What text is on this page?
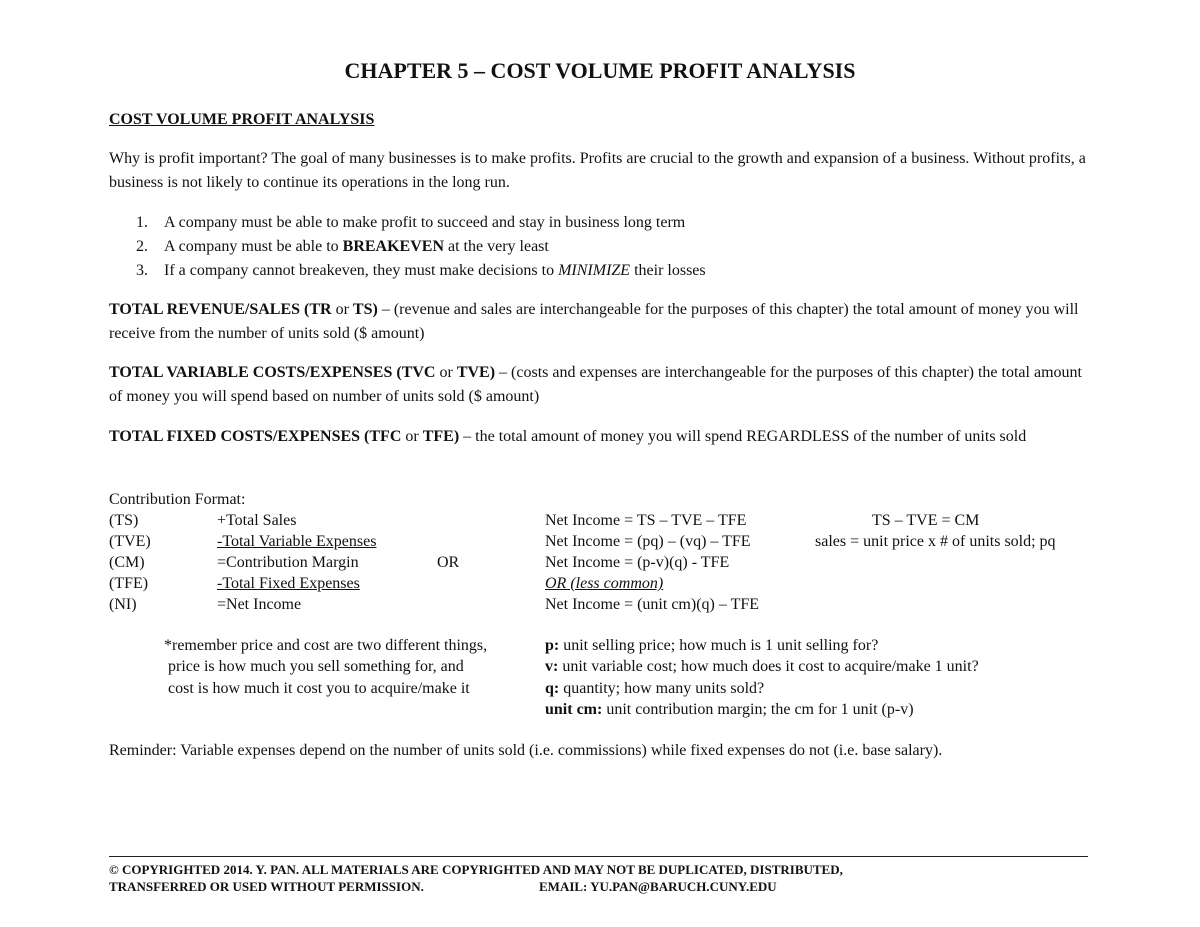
CHAPTER 5 – COST VOLUME PROFIT ANALYSIS
COST VOLUME PROFIT ANALYSIS
Why is profit important? The goal of many businesses is to make profits. Profits are crucial to the growth and expansion of a business. Without profits, a business is not likely to continue its operations in the long run.
1. A company must be able to make profit to succeed and stay in business long term
2. A company must be able to BREAKEVEN at the very least
3. If a company cannot breakeven, they must make decisions to MINIMIZE their losses
TOTAL REVENUE/SALES (TR or TS) – (revenue and sales are interchangeable for the purposes of this chapter) the total amount of money you will receive from the number of units sold ($ amount)
TOTAL VARIABLE COSTS/EXPENSES (TVC or TVE) – (costs and expenses are interchangeable for the purposes of this chapter) the total amount of money you will spend based on number of units sold ($ amount)
TOTAL FIXED COSTS/EXPENSES (TFC or TFE) – the total amount of money you will spend REGARDLESS of the number of units sold
Contribution Format:
(TS)
(TVE)
(CM)
(TFE)
(NI)
+Total Sales
-Total Variable Expenses
=Contribution Margin
-Total Fixed Expenses
=Net Income
OR
Net Income = TS – TVE – TFE
Net Income = (pq) – (vq) – TFE
Net Income = (p-v)(q) - TFE
OR (less common)
Net Income = (unit cm)(q) – TFE
TS – TVE = CM
sales = unit price x # of units sold; pq
*remember price and cost are two different things,
price is how much you sell something for, and
cost is how much it cost you to acquire/make it
p: unit selling price; how much is 1 unit selling for?
v: unit variable cost; how much does it cost to acquire/make 1 unit?
q: quantity; how many units sold?
unit cm: unit contribution margin; the cm for 1 unit (p-v)
Reminder: Variable expenses depend on the number of units sold (i.e. commissions) while fixed expenses do not (i.e. base salary).
© COPYRIGHTED 2014. Y. PAN. ALL MATERIALS ARE COPYRIGHTED AND MAY NOT BE DUPLICATED, DISTRIBUTED,
TRANSFERRED OR USED WITHOUT PERMISSION.	EMAIL: YU.PAN@BARUCH.CUNY.EDU
